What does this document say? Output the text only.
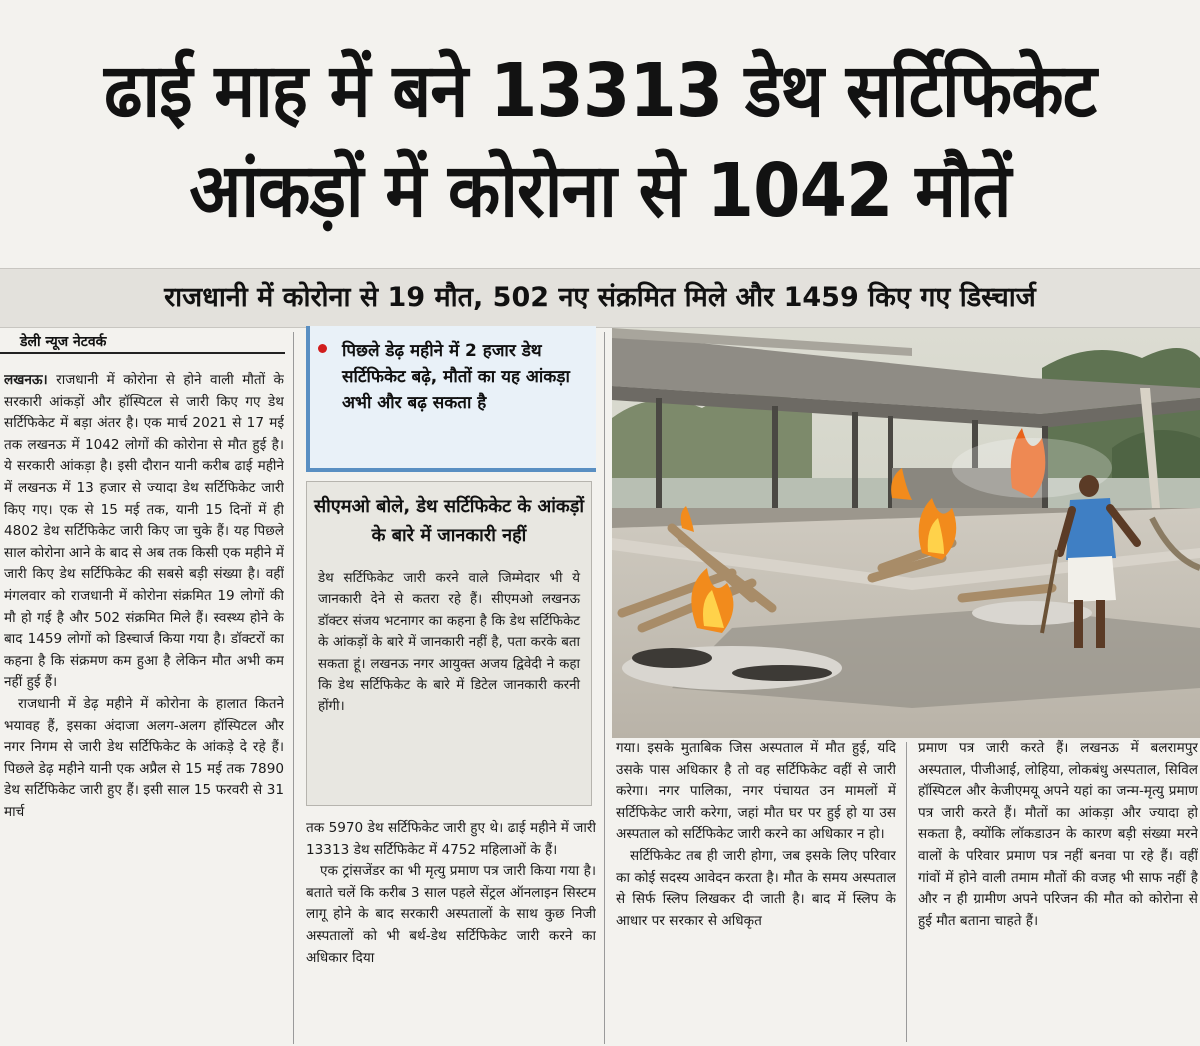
ढाई माह में बने 13313 डेथ सर्टिफिकेट
आंकड़ों में कोरोना से 1042 मौतें
राजधानी में कोरोना से 19 मौत, 502 नए संक्रमित मिले और 1459 किए गए डिस्चार्ज
डेली न्यूज नेटवर्क

लखनऊ। राजधानी में कोरोना से होने वाली मौतों के सरकारी आंकड़ों और हॉस्पिटल से जारी किए गए डेथ सर्टिफिकेट में बड़ा अंतर है। एक मार्च 2021 से 17 मई तक लखनऊ में 1042 लोगों की कोरोना से मौत हुई है। ये सरकारी आंकड़ा है। इसी दौरान यानी करीब ढाई महीने में लखनऊ में 13 हजार से ज्यादा डेथ सर्टिफिकेट जारी किए गए। एक से 15 मई तक, यानी 15 दिनों में ही 4802 डेथ सर्टिफिकेट जारी किए जा चुके हैं। यह पिछले साल कोरोना आने के बाद से अब तक किसी एक महीने में जारी किए डेथ सर्टिफिकेट की सबसे बड़ी संख्या है। वहीं मंगलवार को राजधानी में कोरोना संक्रमित 19 लोगों की मौ हो गई है और 502 संक्रमित मिले हैं। स्वस्थ्य होने के बाद 1459 लोगों को डिस्चार्ज किया गया है। डॉक्टरों का कहना है कि संक्रमण कम हुआ है लेकिन मौत अभी कम नहीं हुई हैं।

राजधानी में डेढ़ महीने में कोरोना के हालात कितने भयावह हैं, इसका अंदाजा अलग-अलग हॉस्पिटल और नगर निगम से जारी डेथ सर्टिफिकेट के आंकड़े दे रहे हैं। पिछले डेढ़ महीने यानी एक अप्रैल से 15 मई तक 7890 डेथ सर्टिफिकेट जारी हुए हैं। इसी साल 15 फरवरी से 31 मार्च

पिछले डेढ़ महीने में 2 हजार डेथ सर्टिफिकेट बढ़े, मौतों का यह आंकड़ा अभी और बढ़ सकता है
सीएमओ बोले, डेथ सर्टिफिकेट के आंकड़ों के बारे में जानकारी नहीं
डेथ सर्टिफिकेट जारी करने वाले जिम्मेदार भी ये जानकारी देने से कतरा रहे हैं। सीएमओ लखनऊ डॉक्टर संजय भटनागर का कहना है कि डेथ सर्टिफिकेट के आंकड़ों के बारे में जानकारी नहीं है, पता करके बता सकता हूं। लखनऊ नगर आयुक्त अजय द्विवेदी ने कहा कि डेथ सर्टिफिकेट के बारे में डिटेल जानकारी करनी होंगी।

तक 5970 डेथ सर्टिफिकेट जारी हुए थे। ढाई महीने में जारी 13313 डेथ सर्टिफिकेट में 4752 महिलाओं के हैं।

एक ट्रांसजेंडर का भी मृत्यु प्रमाण पत्र जारी किया गया है। बताते चलें कि करीब 3 साल पहले सेंट्रल ऑनलाइन सिस्टम लागू होने के बाद सरकारी अस्पतालों के साथ कुछ निजी अस्पतालों को भी बर्थ-डेथ सर्टिफिकेट जारी करने का अधिकार दिया

गया। इसके मुताबिक जिस अस्पताल में मौत हुई, यदि उसके पास अधिकार है तो वह सर्टिफिकेट वहीं से जारी करेगा। नगर पालिका, नगर पंचायत उन मामलों में सर्टिफिकेट जारी करेगा, जहां मौत घर पर हुई हो या उस अस्पताल को सर्टिफिकेट जारी करने का अधिकार न हो।

सर्टिफिकेट तब ही जारी होगा, जब इसके लिए परिवार का कोई सदस्य आवेदन करता है। मौत के समय अस्पताल से सिर्फ स्लिप लिखकर दी जाती है। बाद में स्लिप के आधार पर सरकार से अधिकृत

प्रमाण पत्र जारी करते हैं। लखनऊ में बलरामपुर अस्पताल, पीजीआई, लोहिया, लोकबंधु अस्पताल, सिविल हॉस्पिटल और केजीएमयू अपने यहां का जन्म-मृत्यु प्रमाण पत्र जारी करते हैं। मौतों का आंकड़ा और ज्यादा हो सकता है, क्योंकि लॉकडाउन के कारण बड़ी संख्या मरने वालों के परिवार प्रमाण पत्र नहीं बनवा पा रहे हैं। वहीं गांवों में होने वाली तमाम मौतों की वजह भी साफ नहीं है और न ही ग्रामीण अपने परिजन की मौत को कोरोना से हुई मौत बताना चाहते हैं।
